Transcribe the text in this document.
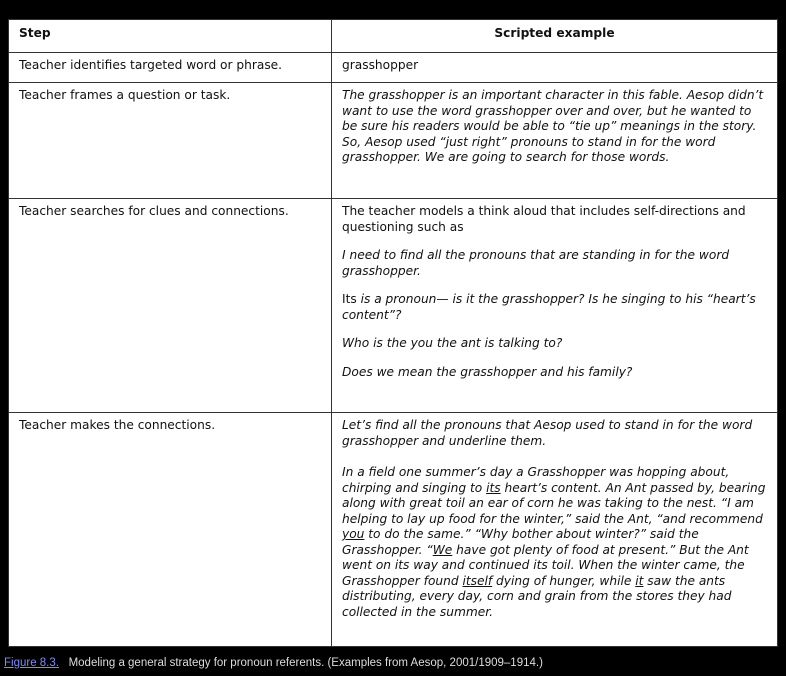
Step	Scripted example
Teacher identifies targeted word or phrase.	grasshopper
Teacher frames a question or task.	The grasshopper is an important character in this fable. Aesop didn’t want to use the word grasshopper over and over, but he wanted to be sure his readers would be able to “tie up” meanings in the story. So, Aesop used “just right” pronouns to stand in for the word grasshopper. We are going to search for those words.

Teacher searches for clues and connections.	The teacher models a think aloud that includes self-directions and questioning such as

I need to find all the pronouns that are standing in for the word grasshopper.

Its is a pronoun— is it the grasshopper? Is he singing to his “heart’s content”?

Who is the you the ant is talking to?

Does we mean the grasshopper and his family?

Teacher makes the connections.	Let’s find all the pronouns that Aesop used to stand in for the word grasshopper and underline them.

In a field one summer’s day a Grasshopper was hopping about, chirping and singing to its heart’s content. An Ant passed by, bearing along with great toil an ear of corn he was taking to the nest. “I am helping to lay up food for the winter,” said the Ant, “and recommend you to do the same.” “Why bother about winter?” said the Grasshopper. “We have got plenty of food at present.” But the Ant went on its way and continued its toil. When the winter came, the Grasshopper found itself dying of hunger, while it saw the ants distributing, every day, corn and grain from the stores they had collected in the summer.

Figure 8.3. Modeling a general strategy for pronoun referents. (Examples from Aesop, 2001/1909–1914.)
